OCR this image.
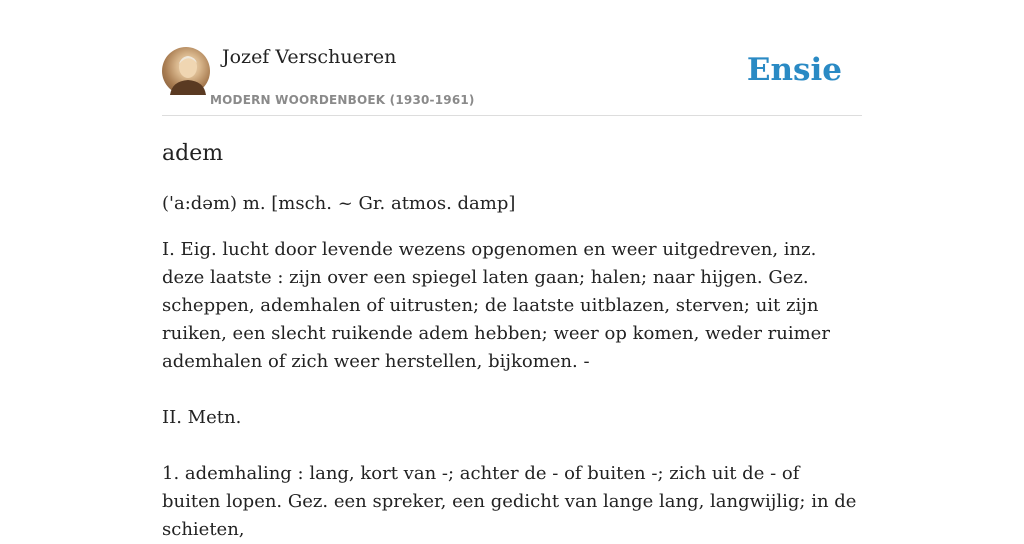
Jozef Verschueren
MODERN WOORDENBOEK (1930-1961)
Ensie
adem
('a:dəm) m. [msch. ~ Gr. atmos. damp]

I. Eig. lucht door levende wezens opgenomen en weer uitgedreven, inz. deze laatste : zijn over een spiegel laten gaan; halen; naar hijgen. Gez. scheppen, ademhalen of uitrusten; de laatste uitblazen, sterven; uit zijn ruiken, een slecht ruikende adem hebben; weer op komen, weder ruimer ademhalen of zich weer herstellen, bijkomen. -

II. Metn.

1. ademhaling : lang, kort van -; achter de - of buiten -; zich uit de - of buiten lopen. Gez. een spreker, een gedicht van lange lang, langwijlig; in de schieten,
